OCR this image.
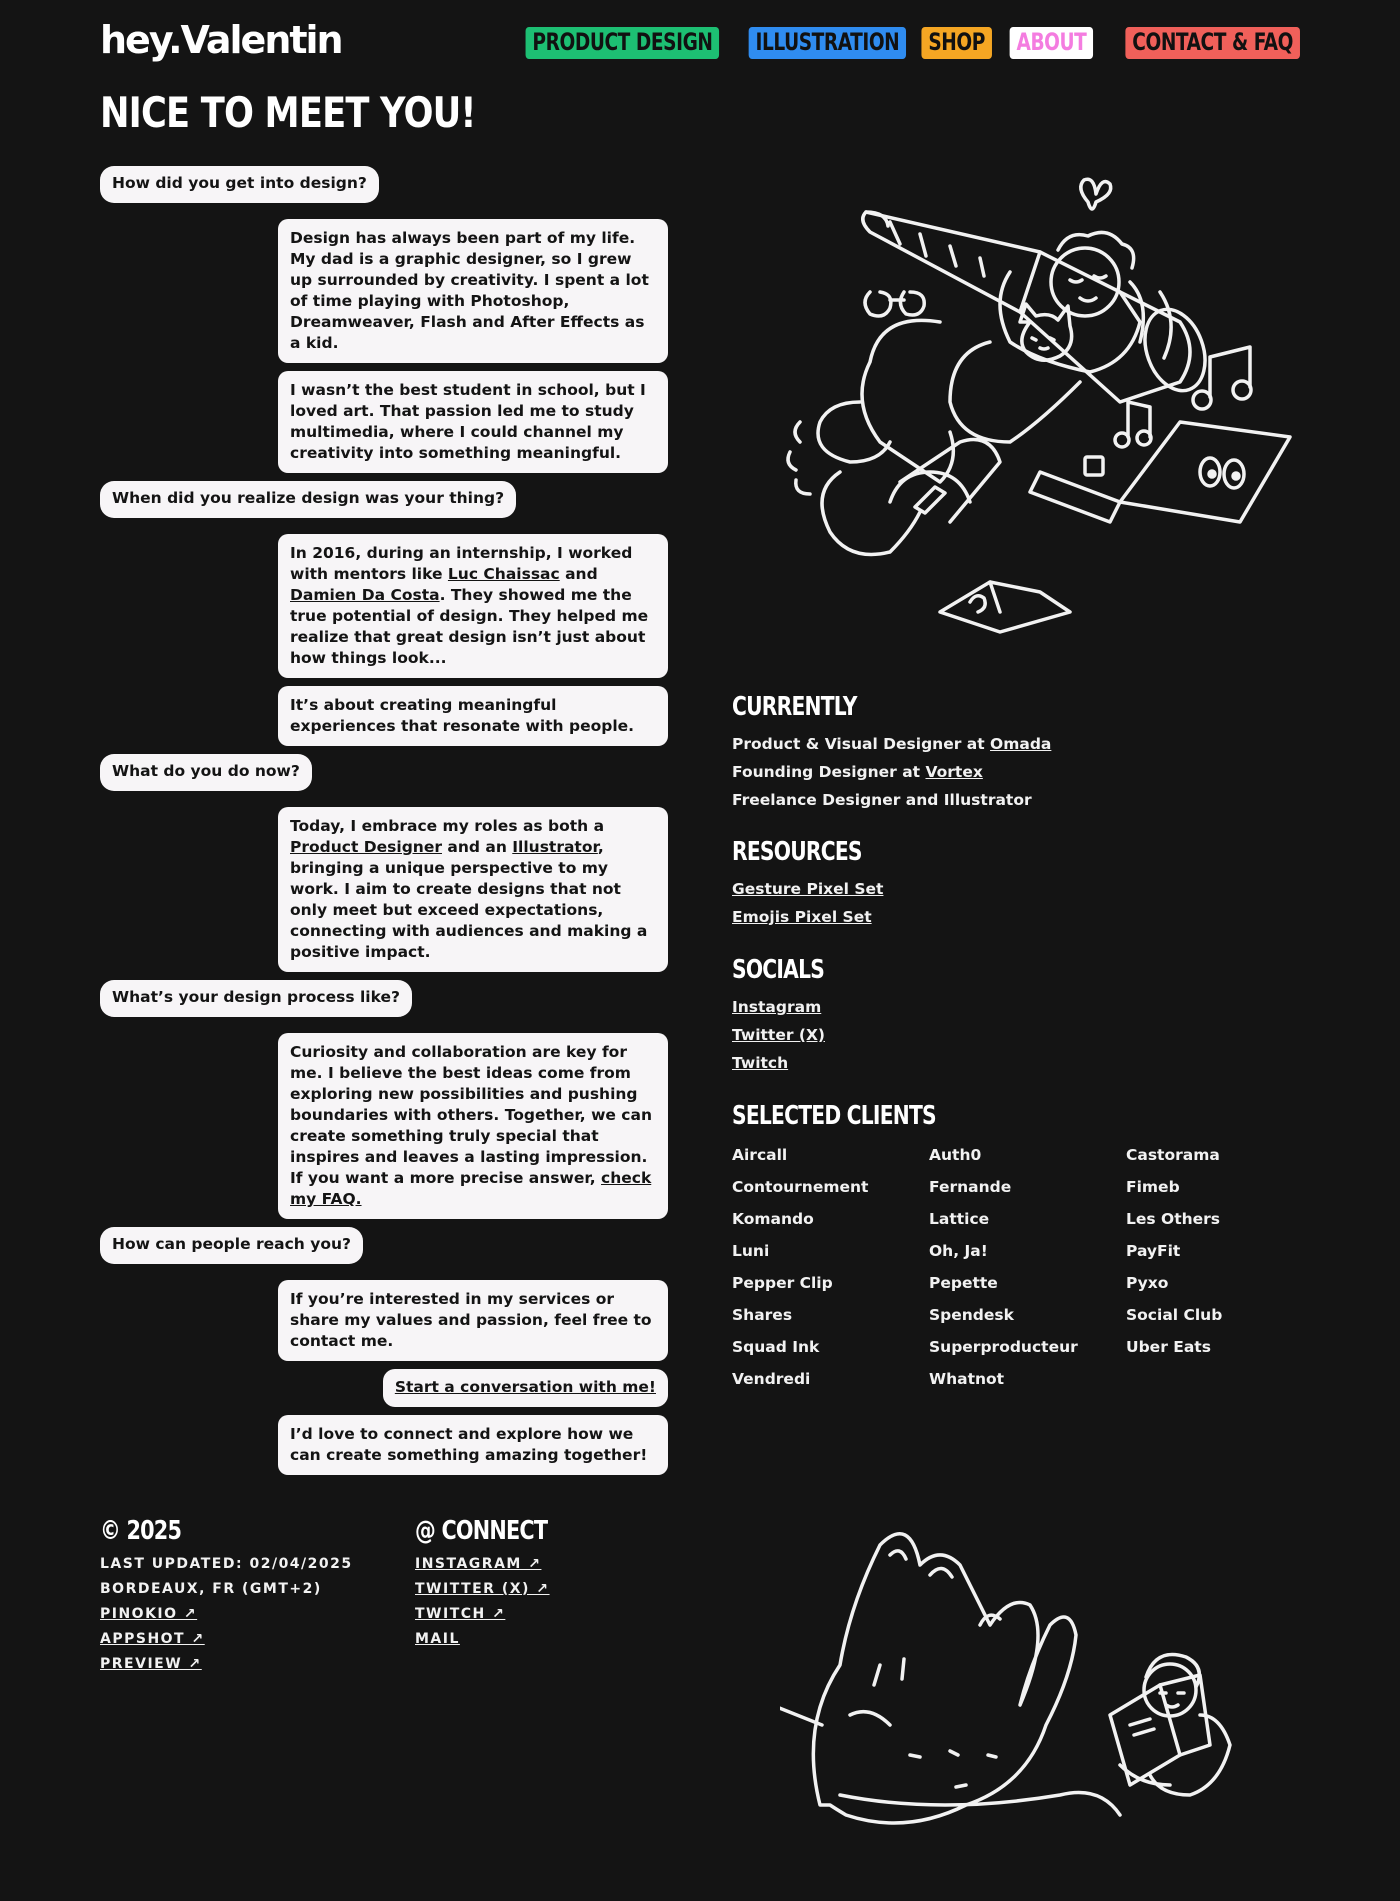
hey.Valentin	PRODUCT DESIGN ILLUSTRATION SHOP ABOUT CONTACT & FAQ
NICE TO MEET YOU!
How did you get into design?
Design has always been part of my life. My dad is a graphic designer, so I grew up surrounded by creativity. I spent a lot of time playing with Photoshop, Dreamweaver, Flash and After Effects as a kid.
I wasn’t the best student in school, but I loved art. That passion led me to study multimedia, where I could channel my creativity into something meaningful.
When did you realize design was your thing?
In 2016, during an internship, I worked with mentors like Luc Chaissac and Damien Da Costa. They showed me the true potential of design. They helped me realize that great design isn’t just about how things look...
It’s about creating meaningful experiences that resonate with people.
What do you do now?
Today, I embrace my roles as both a Product Designer and an Illustrator, bringing a unique perspective to my work. I aim to create designs that not only meet but exceed expectations, connecting with audiences and making a positive impact.
What’s your design process like?
Curiosity and collaboration are key for me. I believe the best ideas come from exploring new possibilities and pushing boundaries with others. Together, we can create something truly special that inspires and leaves a lasting impression. If you want a more precise answer, check my FAQ.
How can people reach you?
If you’re interested in my services or share my values and passion, feel free to contact me.
Start a conversation with me!
I’d love to connect and explore how we can create something amazing together!
CURRENTLY
Product & Visual Designer at Omada
Founding Designer at Vortex
Freelance Designer and Illustrator
RESOURCES
Gesture Pixel Set
Emojis Pixel Set
SOCIALS
Instagram
Twitter (X)
Twitch
SELECTED CLIENTS
Aircall	Auth0	Castorama
Contournement	Fernande	Fimeb
Komando	Lattice	Les Others
Luni	Oh, Ja!	PayFit
Pepper Clip	Pepette	Pyxo
Shares	Spendesk	Social Club
Squad Ink	Superproducteur	Uber Eats
Vendredi	Whatnot
© 2025
LAST UPDATED: 02/04/2025
BORDEAUX, FR (GMT+2)
PINOKIO ↗
APPSHOT ↗
PREVIEW ↗
@ CONNECT
INSTAGRAM ↗
TWITTER (X) ↗
TWITCH ↗
MAIL
